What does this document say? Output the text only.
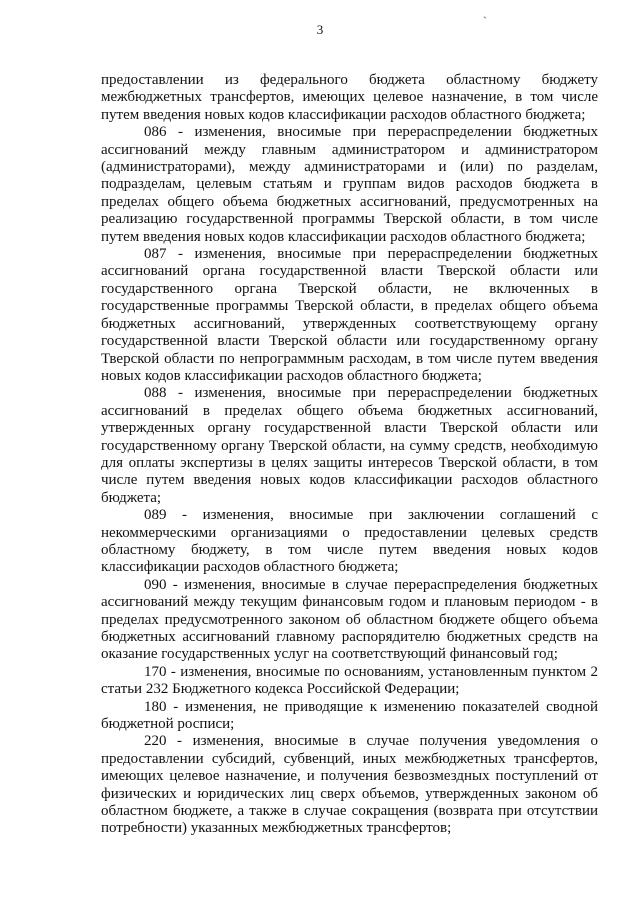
3
`

предоставлении из федерального бюджета областному бюджету межбюджетных трансфертов, имеющих целевое назначение, в том числе путем введения новых кодов классификации расходов областного бюджета;

086 - изменения, вносимые при перераспределении бюджетных ассигнований между главным администратором и администратором (администраторами), между администраторами и (или) по разделам, подразделам, целевым статьям и группам видов расходов бюджета в пределах общего объема бюджетных ассигнований, предусмотренных на реализацию государственной программы Тверской области, в том числе путем введения новых кодов классификации расходов областного бюджета;

087 - изменения, вносимые при перераспределении бюджетных ассигнований органа государственной власти Тверской области или государственного органа Тверской области, не включенных в государственные программы Тверской области, в пределах общего объема бюджетных ассигнований, утвержденных соответствующему органу государственной власти Тверской области или государственному органу Тверской области по непрограммным расходам, в том числе путем введения новых кодов классификации расходов областного бюджета;

088 - изменения, вносимые при перераспределении бюджетных ассигнований в пределах общего объема бюджетных ассигнований, утвержденных органу государственной власти Тверской области или государственному органу Тверской области, на сумму средств, необходимую для оплаты экспертизы в целях защиты интересов Тверской области, в том числе путем введения новых кодов классификации расходов областного бюджета;

089 - изменения, вносимые при заключении соглашений с некоммерческими организациями о предоставлении целевых средств областному бюджету, в том числе путем введения новых кодов классификации расходов областного бюджета;

090 - изменения, вносимые в случае перераспределения бюджетных ассигнований между текущим финансовым годом и плановым периодом - в пределах предусмотренного законом об областном бюджете общего объема бюджетных ассигнований главному распорядителю бюджетных средств на оказание государственных услуг на соответствующий финансовый год;

170 - изменения, вносимые по основаниям, установленным пунктом 2 статьи 232 Бюджетного кодекса Российской Федерации;

180 - изменения, не приводящие к изменению показателей сводной бюджетной росписи;

220 - изменения, вносимые в случае получения уведомления о предоставлении субсидий, субвенций, иных межбюджетных трансфертов, имеющих целевое назначение, и получения безвозмездных поступлений от физических и юридических лиц сверх объемов, утвержденных законом об областном бюджете, а также в случае сокращения (возврата при отсутствии потребности) указанных межбюджетных трансфертов;
